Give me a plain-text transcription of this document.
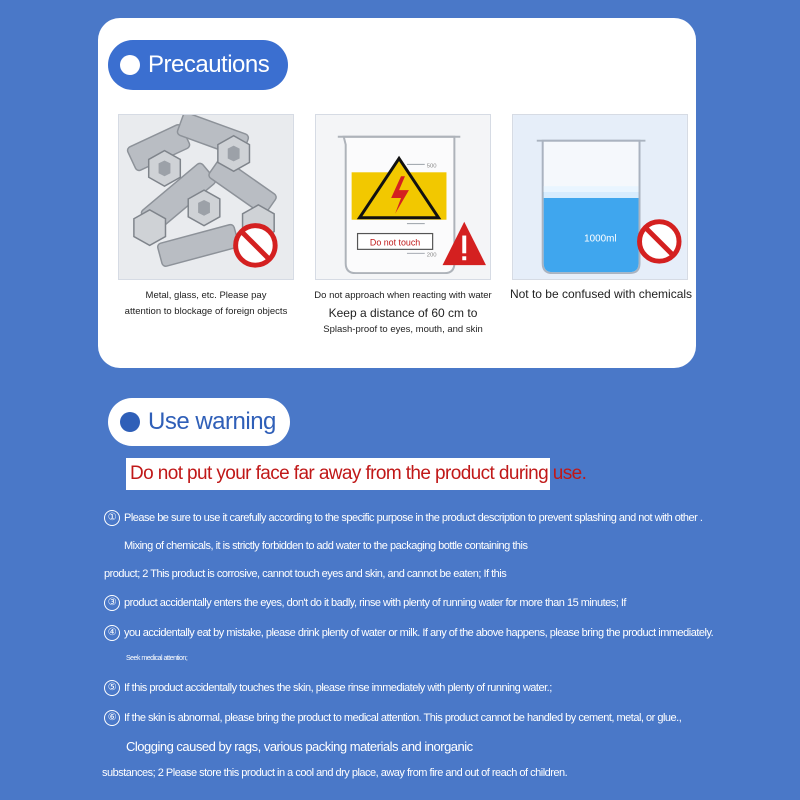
Precautions
500
200
Do not touch	1000ml
Metal, glass, etc. Please pay
attention to blockage of foreign objects
Do not approach when reacting with water
Keep a distance of 60 cm to
Splash-proof to eyes, mouth, and skin
Not to be confused with chemicals
Use warning
Do not put your face far away from the product during use.
① Please be sure to use it carefully according to the specific purpose in the product description to prevent splashing and not with other .
Mixing of chemicals, it is strictly forbidden to add water to the packaging bottle containing this
product; 2 This product is corrosive, cannot touch eyes and skin, and cannot be eaten; If this
③ product accidentally enters the eyes, don't do it badly, rinse with plenty of running water for more than 15 minutes; If
④ you accidentally eat by mistake, please drink plenty of water or milk. If any of the above happens, please bring the product immediately.
Seek medical attention;
⑤ If this product accidentally touches the skin, please rinse immediately with plenty of running water.;
⑥ If the skin is abnormal, please bring the product to medical attention. This product cannot be handled by cement, metal, or glue.,
Clogging caused by rags, various packing materials and inorganic
substances; 2 Please store this product in a cool and dry place, away from fire and out of reach of children.
